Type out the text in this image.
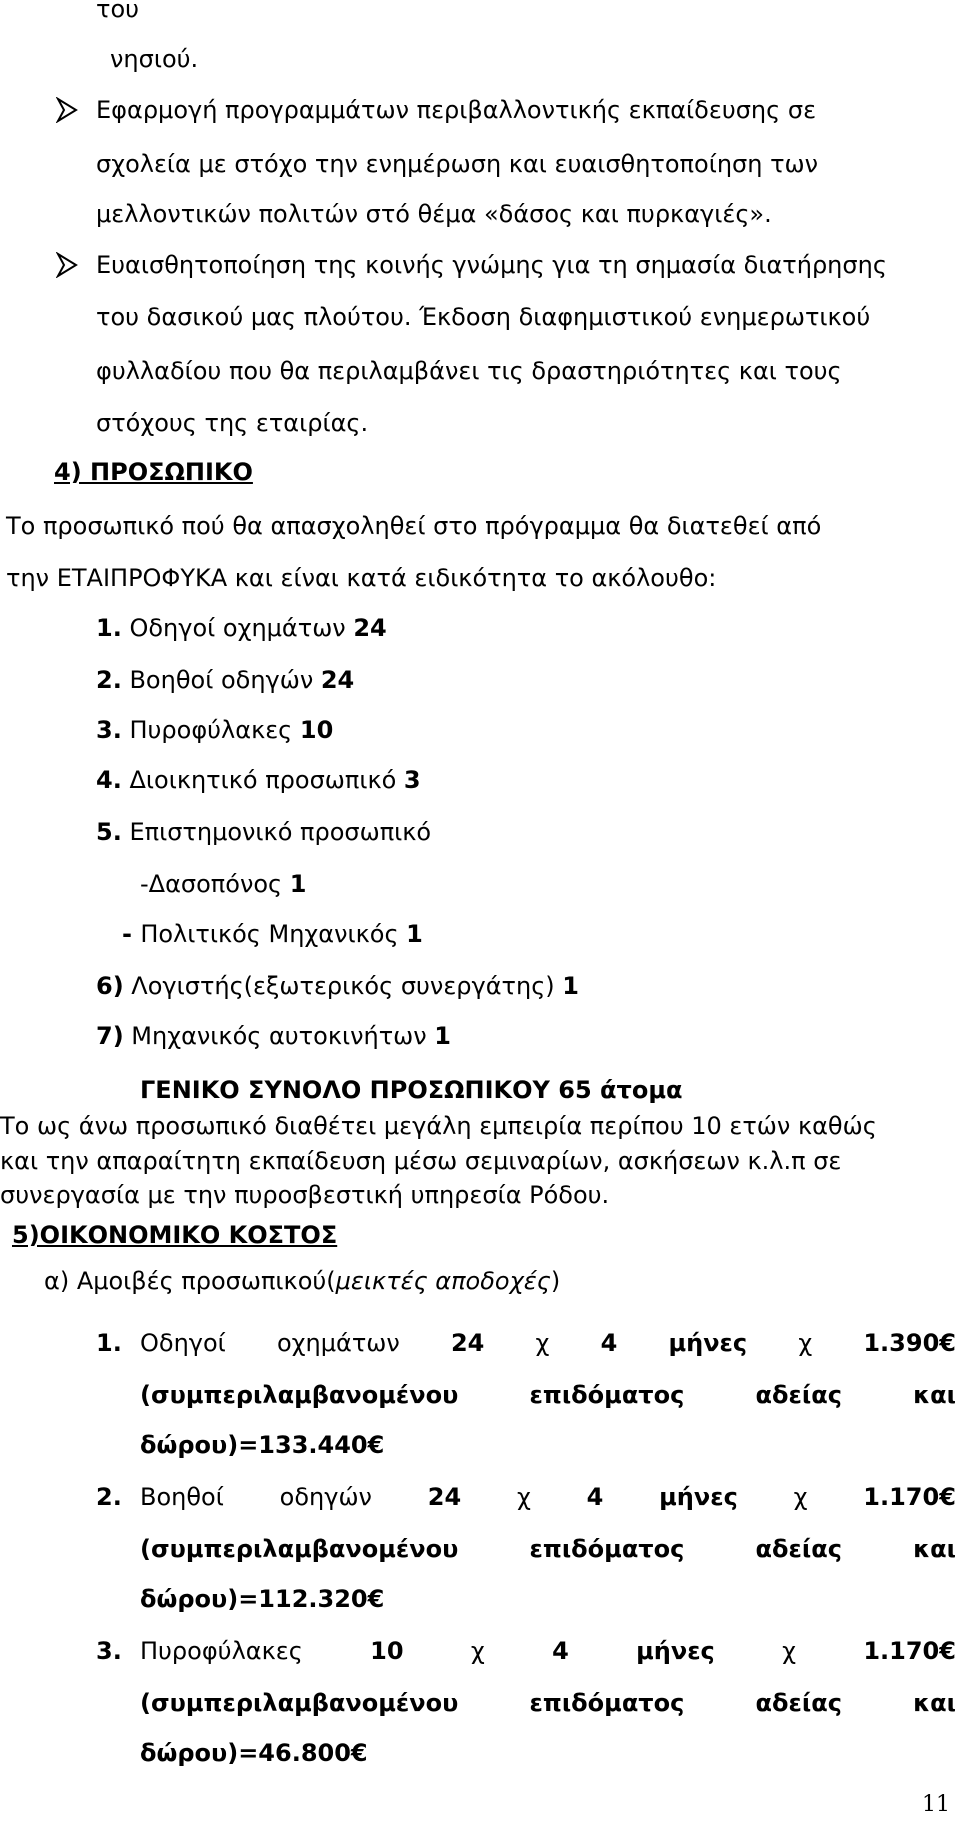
του
νησιού.
Εφαρμογή προγραμμάτων περιβαλλοντικής εκπαίδευσης σε
σχολεία με στόχο την ενημέρωση και ευαισθητοποίηση των
μελλοντικών πολιτών στό θέμα «δάσος και πυρκαγιές».
Ευαισθητοποίηση της κοινής γνώμης για τη σημασία διατήρησης
του δασικού μας πλούτου. Έκδοση διαφημιστικού ενημερωτικού
φυλλαδίου που θα περιλαμβάνει τις δραστηριότητες και τους
στόχους της εταιρίας.
4) ΠΡΟΣΩΠΙΚΟ
Το προσωπικό πού θα απασχοληθεί στο πρόγραμμα θα διατεθεί από
την ΕΤΑΙΠΡΟΦΥΚΑ και είναι κατά ειδικότητα το ακόλουθο:
1. Οδηγοί οχημάτων 24
2. Βοηθοί οδηγών 24
3. Πυροφύλακες 10
4. Διοικητικό προσωπικό 3
5. Επιστημονικό προσωπικό
-Δασοπόνος 1
- Πολιτικός Μηχανικός 1
6) Λογιστής(εξωτερικός συνεργάτης) 1
7) Μηχανικός αυτοκινήτων 1
ΓΕΝΙΚΟ ΣΥΝΟΛΟ ΠΡΟΣΩΠΙΚΟΥ 65 άτομα
Το ως άνω προσωπικό διαθέτει μεγάλη εμπειρία περίπου 10 ετών καθώς
και την απαραίτητη εκπαίδευση μέσω σεμιναρίων, ασκήσεων κ.λ.π σε
συνεργασία με την πυροσβεστική υπηρεσία Ρόδου.
5)ΟΙΚΟΝΟΜΙΚΟ ΚΟΣΤΟΣ
α) Αμοιβές προσωπικού(μεικτές αποδοχές)
1. Οδηγοί οχημάτων 24 χ 4 μήνες χ 1.390€
(συμπεριλαμβανομένου	επιδόματος	αδείας	και
δώρου)=133.440€
2. Βοηθοί οδηγών 24 χ 4 μήνες χ 1.170€
(συμπεριλαμβανομένου	επιδόματος	αδείας	και
δώρου)=112.320€
3. Πυροφύλακες	10	χ	4	μήνες	χ	1.170€
(συμπεριλαμβανομένου	επιδόματος	αδείας	και
δώρου)=46.800€
11
